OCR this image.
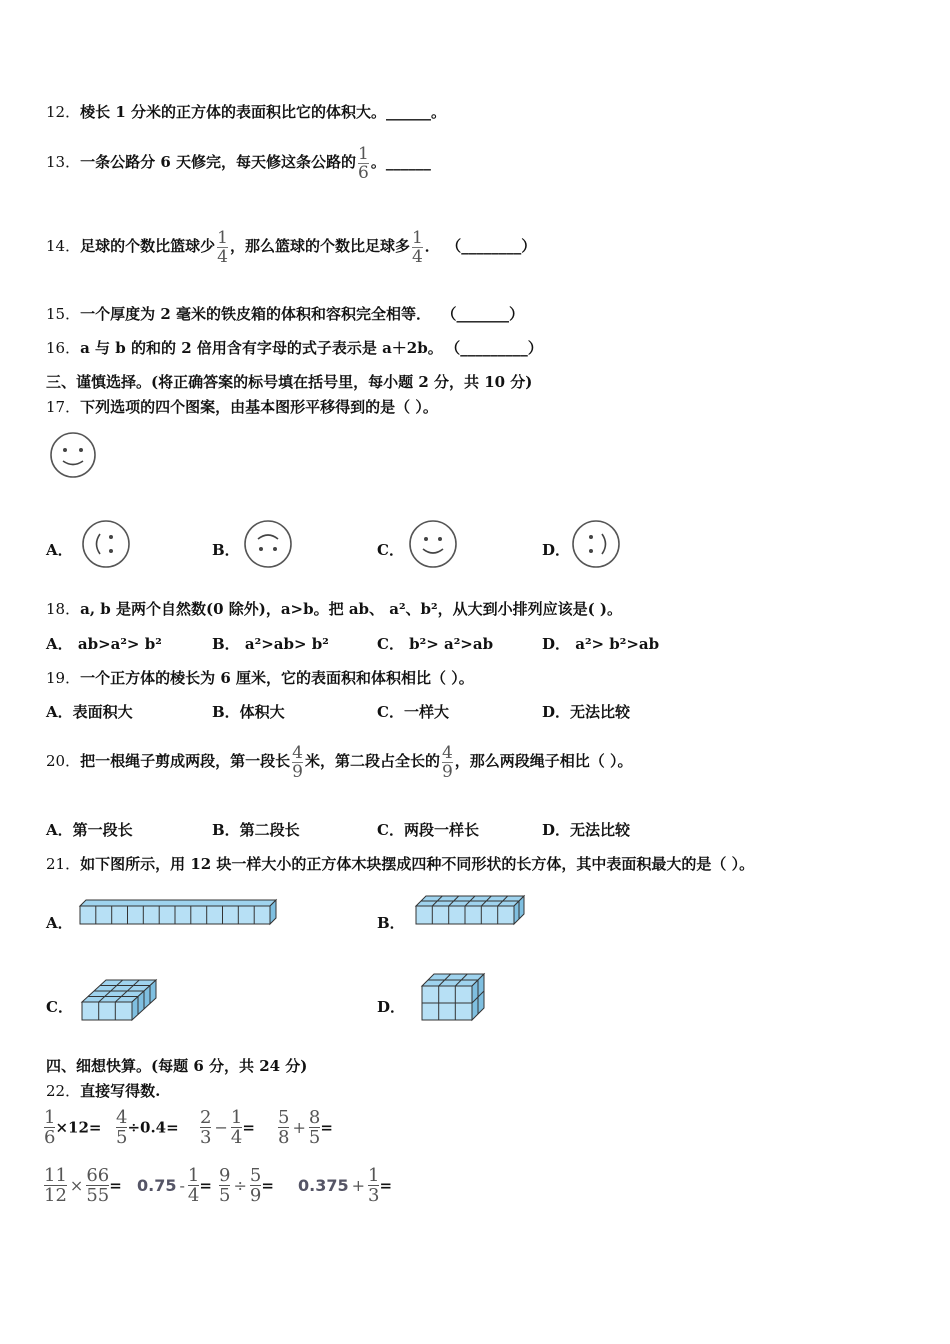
12．棱长 1 分米的正方体的表面积比它的体积大。______。
13．一条公路分 6 天修完，每天修这条公路的 $\frac{1}{6}$ 。______
14．足球的个数比篮球少 $\frac{1}{4}$ ，那么篮球的个数比足球多 $\frac{1}{4}$ ． （________）
15．一个厚度为 2 毫米的铁皮箱的体积和容积完全相等． （_______）
16．a 与 b 的和的 2 倍用含有字母的式子表示是 a＋2b。 （_________）
三、谨慎选择。(将正确答案的标号填在括号里，每小题 2 分，共 10 分)
17．下列选项的四个图案，由基本图形平移得到的是（ ）。
A．	B．	C．	D．
18．a, b 是两个自然数(0 除外)，a>b。把 ab、 a²、b²，从大到小排列应该是( )。
A． ab>a²> b²	B． a²>ab> b²	C． b²> a²>ab	D． a²> b²>ab
19．一个正方体的棱长为 6 厘米，它的表面积和体积相比（ ）。
A．表面积大	B．体积大	C．一样大	D．无法比较
20．把一根绳子剪成两段，第一段长 $\frac{4}{9}$ 米，第二段占全长的 $\frac{4}{9}$ ，那么两段绳子相比（ ）。
A．第一段长	B．第二段长	C．两段一样长	D．无法比较
21．如下图所示，用 12 块一样大小的正方体木块摆成四种不同形状的长方体，其中表面积最大的是（ ）。
A．	B．
C．	D．
四、细想快算。(每题 6 分，共 24 分)
22．直接写得数.
$\frac{1}{6} \times 12= \frac{4}{5} \div 0.4= \frac{2}{3} - \frac{1}{4} = \frac{5}{8} + \frac{8}{5}$ =
$\frac{11}{12} \times \frac{66}{55} = 0.75 - \frac{1}{4} = \frac{9}{5} \div \frac{5}{9} = 0.375 + \frac{1}{3}$ =
